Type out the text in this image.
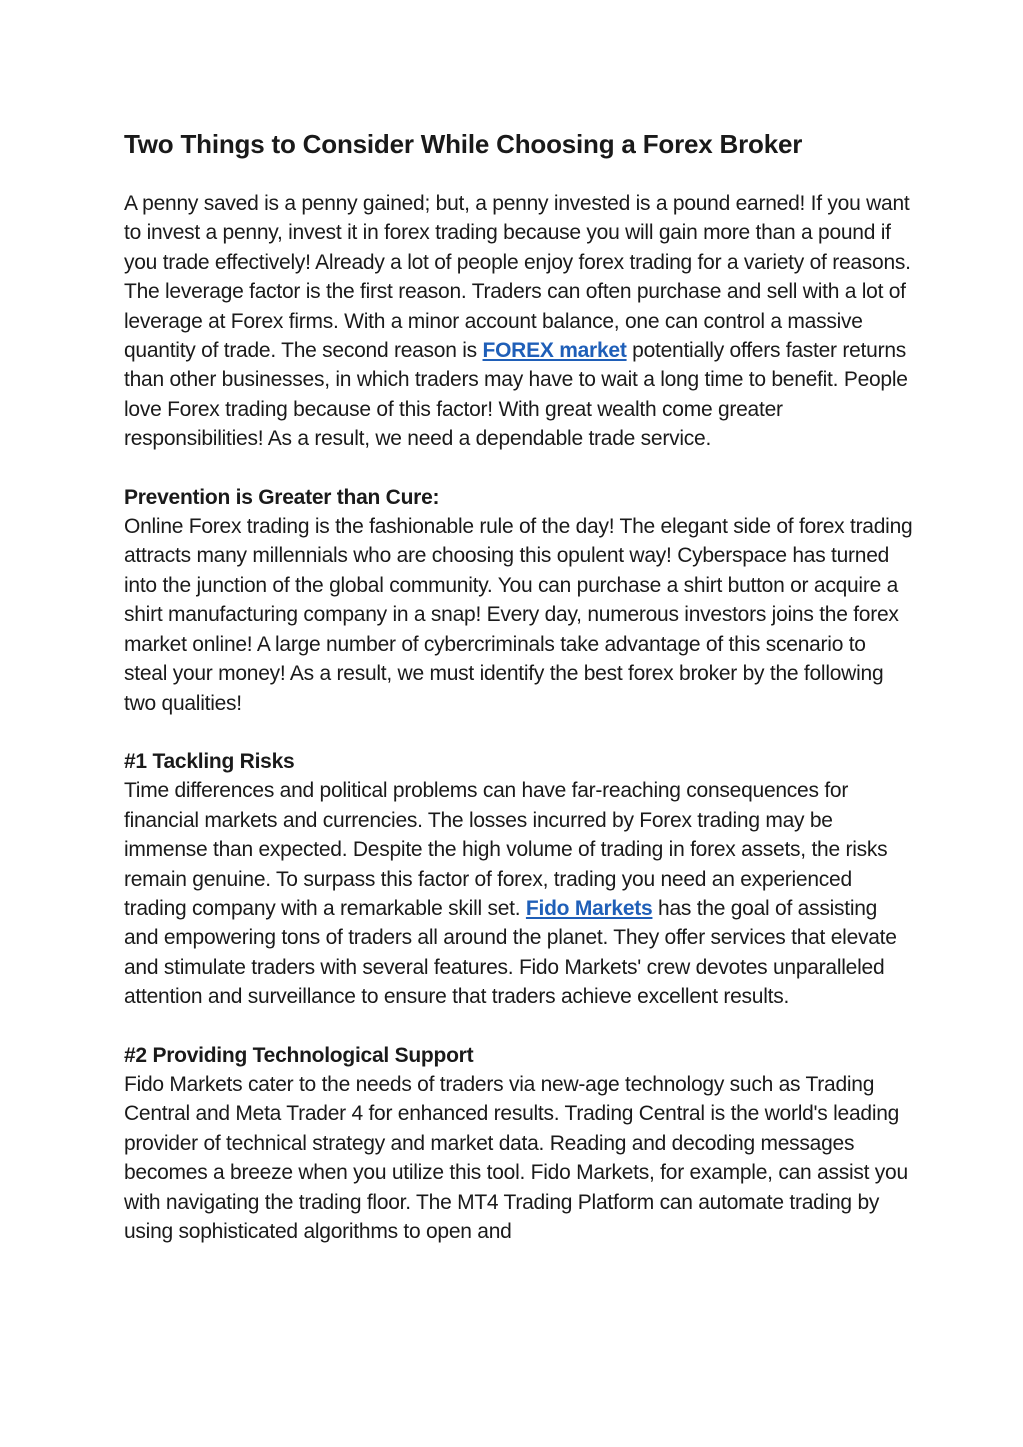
Two Things to Consider While Choosing a Forex Broker

A penny saved is a penny gained; but, a penny invested is a pound earned! If you want to invest a penny, invest it in forex trading because you will gain more than a pound if you trade effectively! Already a lot of people enjoy forex trading for a variety of reasons. The leverage factor is the first reason. Traders can often purchase and sell with a lot of leverage at Forex firms. With a minor account balance, one can control a massive quantity of trade. The second reason is FOREX market potentially offers faster returns than other businesses, in which traders may have to wait a long time to benefit. People love Forex trading because of this factor! With great wealth come greater responsibilities! As a result, we need a dependable trade service.

Prevention is Greater than Cure:

Online Forex trading is the fashionable rule of the day! The elegant side of forex trading attracts many millennials who are choosing this opulent way! Cyberspace has turned into the junction of the global community. You can purchase a shirt button or acquire a shirt manufacturing company in a snap! Every day, numerous investors joins the forex market online! A large number of cybercriminals take advantage of this scenario to steal your money! As a result, we must identify the best forex broker by the following two qualities!

#1 Tackling Risks

Time differences and political problems can have far-reaching consequences for financial markets and currencies. The losses incurred by Forex trading may be immense than expected. Despite the high volume of trading in forex assets, the risks remain genuine. To surpass this factor of forex, trading you need an experienced trading company with a remarkable skill set. Fido Markets has the goal of assisting and empowering tons of traders all around the planet. They offer services that elevate and stimulate traders with several features. Fido Markets' crew devotes unparalleled attention and surveillance to ensure that traders achieve excellent results.

#2 Providing Technological Support

Fido Markets cater to the needs of traders via new-age technology such as Trading Central and Meta Trader 4 for enhanced results. Trading Central is the world's leading provider of technical strategy and market data. Reading and decoding messages becomes a breeze when you utilize this tool. Fido Markets, for example, can assist you with navigating the trading floor. The MT4 Trading Platform can automate trading by using sophisticated algorithms to open and
